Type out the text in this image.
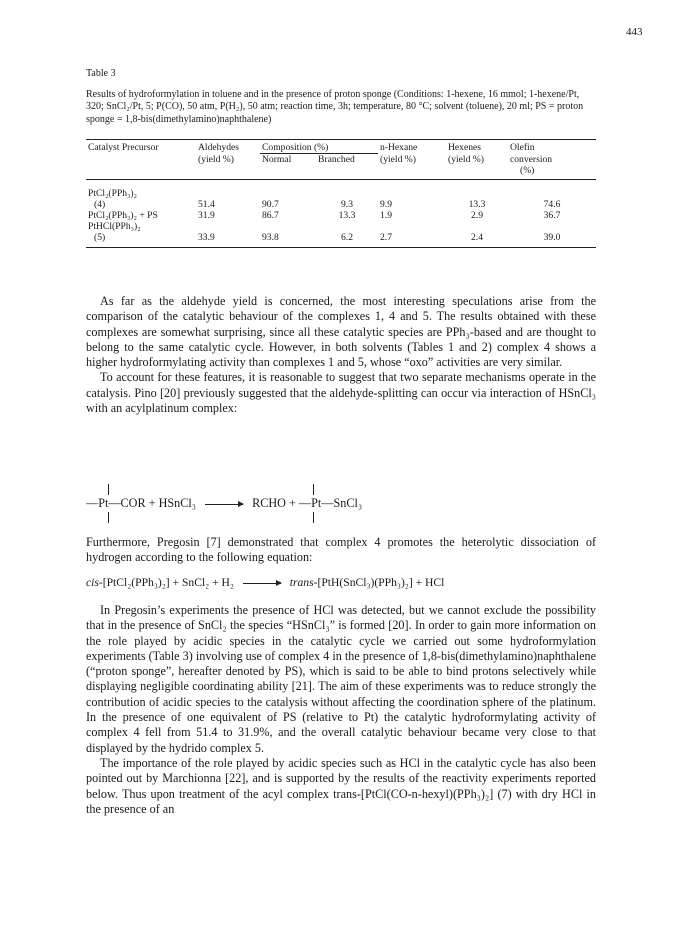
443
Table 3
Results of hydroformylation in toluene and in the presence of proton sponge (Conditions: 1-hexene, 16 mmol; 1-hexene/Pt, 320; SnCl₂/Pt, 5; P(CO), 50 atm, P(H₂), 50 atm; reaction time, 3h; temperature, 80 °C; solvent (toluene), 20 ml; PS = proton sponge = 1,8-bis(dimethylamino)naphthalene)
Catalyst Precursor	Aldehydes	Composition (%)		n-Hexane	Hexenes	Olefin
	(yield %)	Normal	Branched	(yield %)	(yield %)	conversion
(%)
PtCl₂(PPh₃)₂						
(4)	51.4	90.7	9.3	9.9	13.3	74.6
PtCl₂(PPh₃)₂ + PS	31.9	86.7	13.3	1.9	2.9	36.7
PtHCl(PPh₃)₂						
(5)	33.9	93.8	6.2	2.7	2.4	39.0

As far as the aldehyde yield is concerned, the most interesting speculations arise from the comparison of the catalytic behaviour of the complexes 1, 4 and 5. The results obtained with these complexes are somewhat surprising, since all these catalytic species are PPh₃-based and are thought to belong to the same catalytic cycle. However, in both solvents (Tables 1 and 2) complex 4 shows a higher hydroformylating activity than complexes 1 and 5, whose “oxo” activities are very similar.

To account for these features, it is reasonable to suggest that two separate mechanisms operate in the catalysis. Pino [20] previously suggested that the aldehyde-splitting can occur via interaction of HSnCl₃ with an acylplatinum complex:

—Pt—COR + HSnCl₃	RCHO + —Pt—SnCl₃

Furthermore, Pregosin [7] demonstrated that complex 4 promotes the heterolytic dissociation of hydrogen according to the following equation:

cis-[PtCl₂(PPh₃)₂] + SnCl₂ + H₂	trans-[PtH(SnCl₃)(PPh₃)₂] + HCl

In Pregosin’s experiments the presence of HCl was detected, but we cannot exclude the possibility that in the presence of SnCl₂ the species “HSnCl₃” is formed [20]. In order to gain more information on the role played by acidic species in the catalytic cycle we carried out some hydroformylation experiments (Table 3) involving use of complex 4 in the presence of 1,8-bis(dimethylamino)naphthalene (“proton sponge”, hereafter denoted by PS), which is said to be able to bind protons selectively while displaying negligible coordinating ability [21]. The aim of these experiments was to reduce strongly the contribution of acidic species to the catalysis without affecting the coordination sphere of the platinum. In the presence of one equivalent of PS (relative to Pt) the catalytic hydroformylating activity of complex 4 fell from 51.4 to 31.9%, and the overall catalytic behaviour became very close to that displayed by the hydrido complex 5.

The importance of the role played by acidic species such as HCl in the catalytic cycle has also been pointed out by Marchionna [22], and is supported by the results of the reactivity experiments reported below. Thus upon treatment of the acyl complex trans-[PtCl(CO-n-hexyl)(PPh₃)₂] (7) with dry HCl in the presence of an
